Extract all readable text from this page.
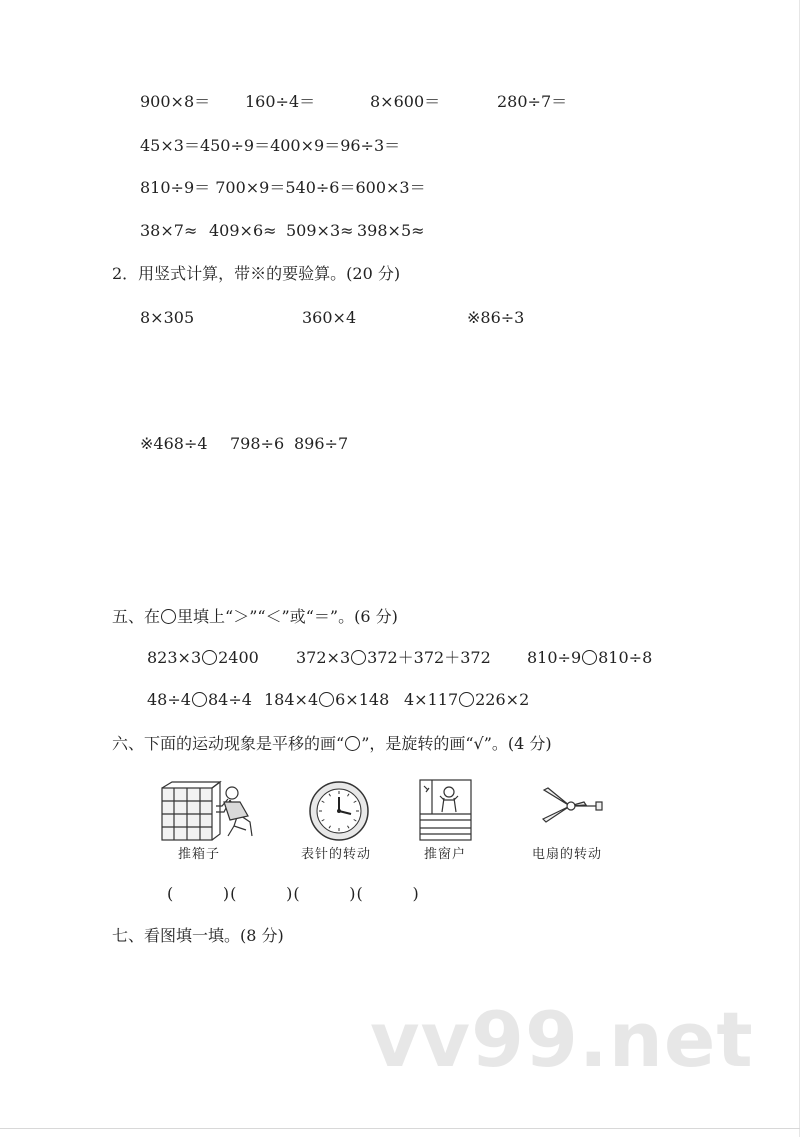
900×8＝ 160÷4＝	8×600＝	280÷7＝
45×3＝450÷9＝400×9＝96÷3＝
810÷9＝ 700×9＝540÷6＝600×3＝
38×7≈ 409×6≈ 509×3≈ 398×5≈
2．用竖式计算，带※的要验算。(20 分)
8×305	360×4	※86÷3
※468÷4 798÷6 896÷7
五、在 里填上“＞”“＜”或“＝”。(6 分)
823×3 2400 372×3 372＋372＋372 810÷9 810÷8
48÷4 84÷4 184×4 6×148 4×117 226×2
六、下面的运动现象是平移的画“○”，是旋转的画“√”。(4 分)
推箱子	表针的转动	推窗户	电扇的转动
(        )(        )(        )(        )
七、看图填一填。(8 分)
vv99.net
